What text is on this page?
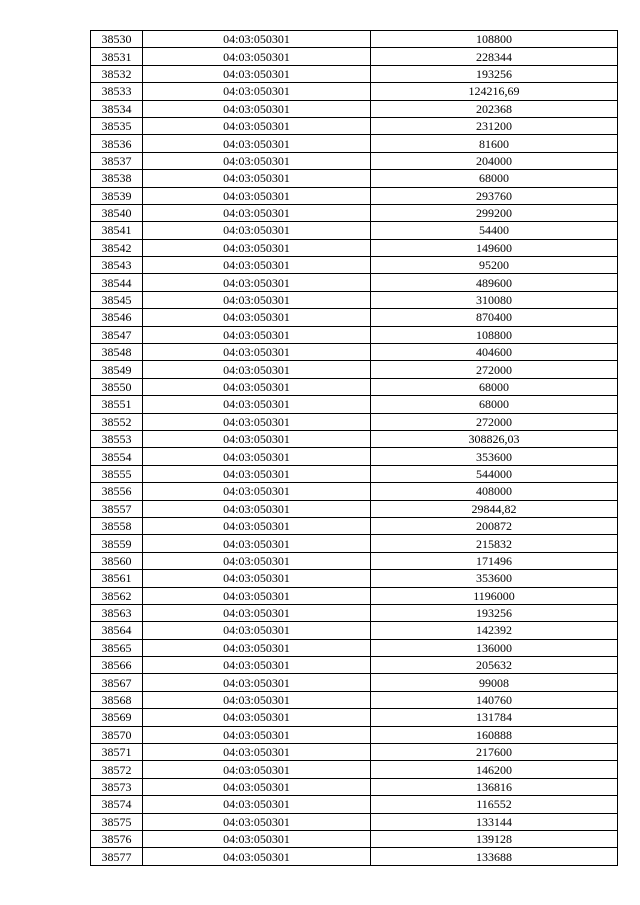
38530	04:03:050301	108800
38531	04:03:050301	228344
38532	04:03:050301	193256
38533	04:03:050301	124216,69
38534	04:03:050301	202368
38535	04:03:050301	231200
38536	04:03:050301	81600
38537	04:03:050301	204000
38538	04:03:050301	68000
38539	04:03:050301	293760
38540	04:03:050301	299200
38541	04:03:050301	54400
38542	04:03:050301	149600
38543	04:03:050301	95200
38544	04:03:050301	489600
38545	04:03:050301	310080
38546	04:03:050301	870400
38547	04:03:050301	108800
38548	04:03:050301	404600
38549	04:03:050301	272000
38550	04:03:050301	68000
38551	04:03:050301	68000
38552	04:03:050301	272000
38553	04:03:050301	308826,03
38554	04:03:050301	353600
38555	04:03:050301	544000
38556	04:03:050301	408000
38557	04:03:050301	29844,82
38558	04:03:050301	200872
38559	04:03:050301	215832
38560	04:03:050301	171496
38561	04:03:050301	353600
38562	04:03:050301	1196000
38563	04:03:050301	193256
38564	04:03:050301	142392
38565	04:03:050301	136000
38566	04:03:050301	205632
38567	04:03:050301	99008
38568	04:03:050301	140760
38569	04:03:050301	131784
38570	04:03:050301	160888
38571	04:03:050301	217600
38572	04:03:050301	146200
38573	04:03:050301	136816
38574	04:03:050301	116552
38575	04:03:050301	133144
38576	04:03:050301	139128
38577	04:03:050301	133688
